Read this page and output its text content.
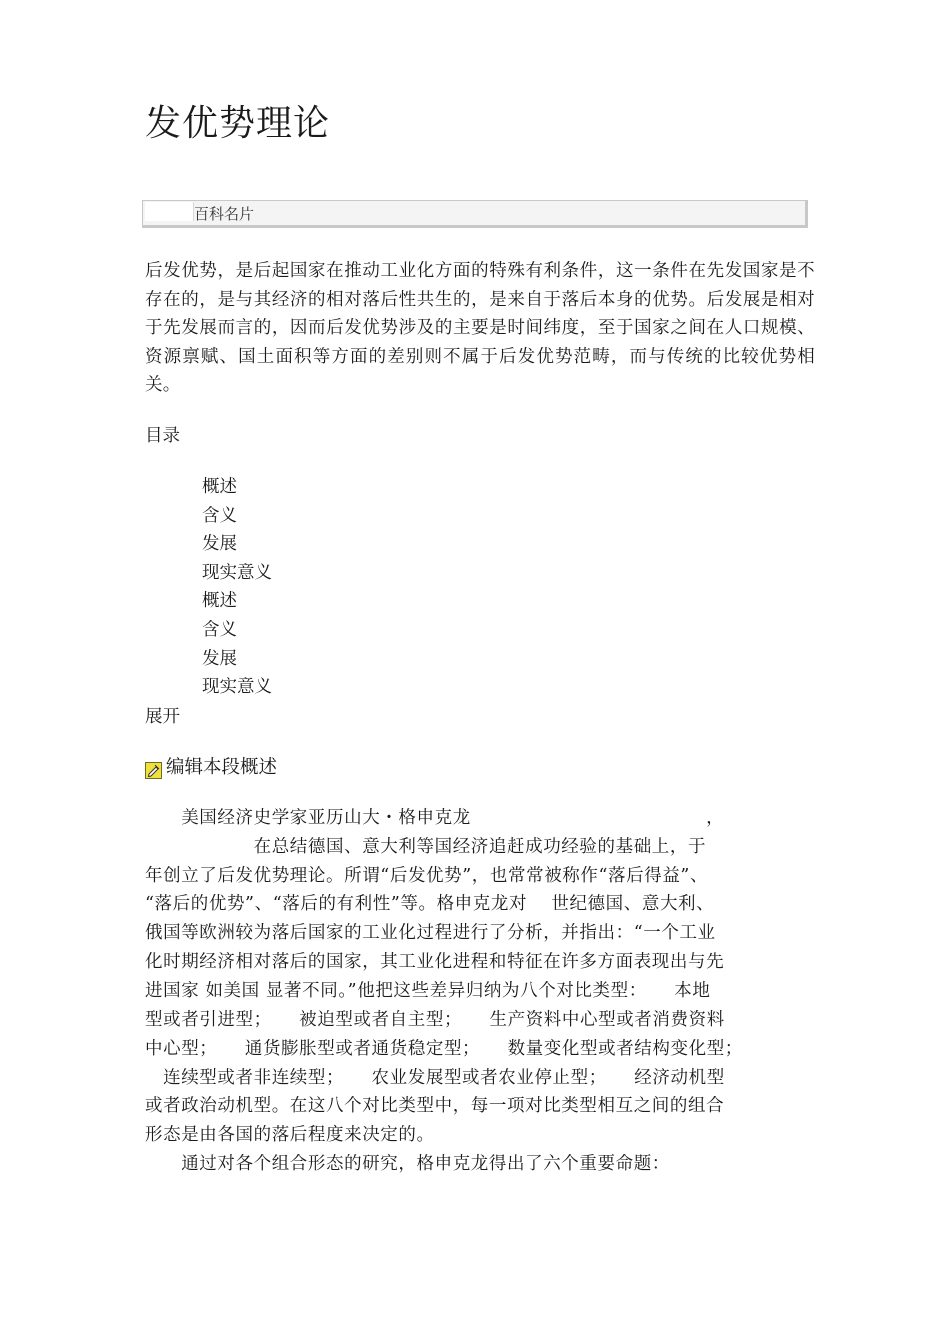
发优势理论
百科名片

后发优势，是后起国家在推动工业化方面的特殊有利条件，这一条件在先发国家是不存在的，是与其经济的相对落后性共生的，是来自于落后本身的优势。后发展是相对于先发展而言的，因而后发优势涉及的主要是时间纬度，至于国家之间在人口规模、资源禀赋、国土面积等方面的差别则不属于后发优势范畴，而与传统的比较优势相关。

目录
概述
含义
发展
现实意义
概述
含义
发展
现实意义
展开
编辑本段概述
　　美国经济史学家亚历山大・格申克龙　　　　　　　　　　　　　，
　　　　　　在总结德国、意大利等国经济追赶成功经验的基础上，于
年创立了后发优势理论。所谓“后发优势”，也常常被称作“落后得益”、
“落后的优势”、“落后的有利性”等。格申克龙对　 世纪德国、意大利、
俄国等欧洲较为落后国家的工业化过程进行了分析，并指出：“一个工业
化时期经济相对落后的国家，其工业化进程和特征在许多方面表现出与先
进国家 如美国 显著不同。”他把这些差异归纳为八个对比类型：　　本地
型或者引进型；　　被迫型或者自主型；　　生产资料中心型或者消费资料
中心型；　　通货膨胀型或者通货稳定型；　　数量变化型或者结构变化型；
　连续型或者非连续型；　　农业发展型或者农业停止型；　　经济动机型
或者政治动机型。在这八个对比类型中，每一项对比类型相互之间的组合
形态是由各国的落后程度来决定的。
　　通过对各个组合形态的研究，格申克龙得出了六个重要命题：
